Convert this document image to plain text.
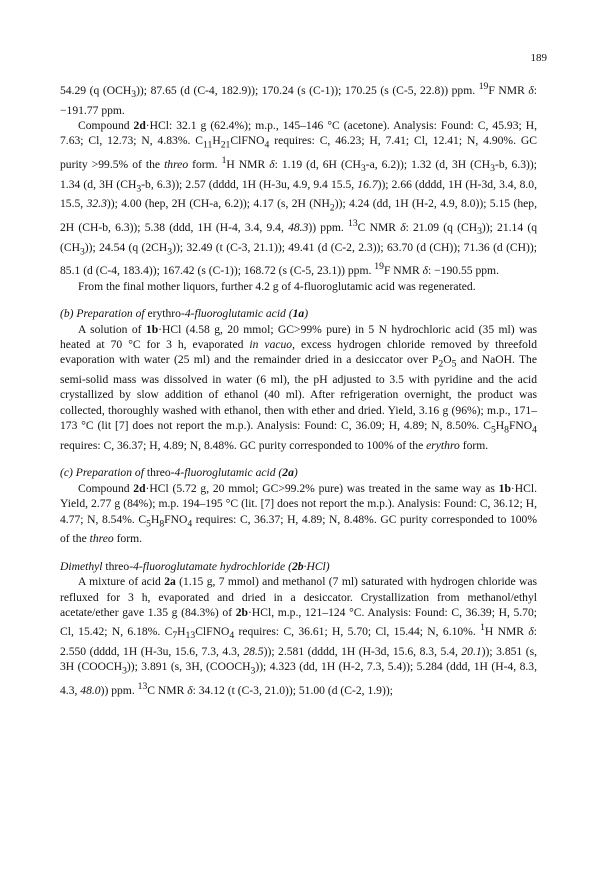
189
54.29 (q $(OCH_3)$); 87.65 (d (C-4, 182.9)); 170.24 (s (C-1)); 170.25 (s (C-5, 22.8)) ppm. $^{19}$F NMR δ: −191.77 ppm.
Compound 2d·HCl: 32.1 g (62.4%); m.p., 145–146 °C (acetone). Analysis: Found: C, 45.93; H, 7.63; Cl, 12.73; N, 4.83%. $C_{11}H_{21}ClFNO_4$ requires: C, 46.23; H, 7.41; Cl, 12.41; N, 4.90%. GC purity >99.5% of the threo form. $^1$H NMR δ: 1.19 (d, 6H ($CH_3-a$, 6.2)); 1.32 (d, 3H ($CH_3-b$, 6.3)); 1.34 (d, 3H ($CH_3-b$, 6.3)); 2.57 (dddd, 1H (H-3u, 4.9, 9.4 15.5, 16.7)); 2.66 (dddd, 1H (H-3d, 3.4, 8.0, 15.5, 32.3)); 4.00 (hep, 2H (CH-a, 6.2)); 4.17 (s, 2H $(NH_2)$); 4.24 (dd, 1H (H-2, 4.9, 8.0)); 5.15 (hep, 2H (CH-b, 6.3)); 5.38 (ddd, 1H (H-4, 3.4, 9.4, 48.3)) ppm. $^{13}$C NMR δ: 21.09 (q $(CH_3)$); 21.14 (q $(CH_3)$); 24.54 (q $(2CH_3)$); 32.49 (t (C-3, 21.1)); 49.41 (d (C-2, 2.3)); 63.70 (d (CH)); 71.36 (d (CH)); 85.1 (d (C-4, 183.4)); 167.42 (s (C-1)); 168.72 (s (C-5, 23.1)) ppm. $^{19}$F NMR δ: −190.55 ppm.
From the final mother liquors, further 4.2 g of 4-fluoroglutamic acid was regenerated.
(b) Preparation of erythro-4-fluoroglutamic acid (1a)
A solution of 1b·HCl (4.58 g, 20 mmol; GC>99% pure) in 5 N hydrochloric acid (35 ml) was heated at 70 °C for 3 h, evaporated in vacuo, excess hydrogen chloride removed by threefold evaporation with water (25 ml) and the remainder dried in a desiccator over $P_2O_5$ and NaOH. The semi-solid mass was dissolved in water (6 ml), the pH adjusted to 3.5 with pyridine and the acid crystallized by slow addition of ethanol (40 ml). After refrigeration overnight, the product was collected, thoroughly washed with ethanol, then with ether and dried. Yield, 3.16 g (96%); m.p., 171–173 °C (lit [7] does not report the m.p.). Analysis: Found: C, 36.09; H, 4.89; N, 8.50%. $C_5H_8FNO_4$ requires: C, 36.37; H, 4.89; N, 8.48%. GC purity corresponded to 100% of the erythro form.
(c) Preparation of threo-4-fluoroglutamic acid (2a)
Compound 2d·HCl (5.72 g, 20 mmol; GC>99.2% pure) was treated in the same way as 1b·HCl. Yield, 2.77 g (84%); m.p. 194–195 °C (lit. [7] does not report the m.p.). Analysis: Found: C, 36.12; H, 4.77; N, 8.54%. $C_5H_8FNO_4$ requires: C, 36.37; H, 4.89; N, 8.48%. GC purity corresponded to 100% of the threo form.
Dimethyl threo-4-fluoroglutamate hydrochloride (2b·HCl)
A mixture of acid 2a (1.15 g, 7 mmol) and methanol (7 ml) saturated with hydrogen chloride was refluxed for 3 h, evaporated and dried in a desiccator. Crystallization from methanol/ethyl acetate/ether gave 1.35 g (84.3%) of 2b·HCl, m.p., 121–124 °C. Analysis: Found: C, 36.39; H, 5.70; Cl, 15.42; N, 6.18%. $C_7H_{13}ClFNO_4$ requires: C, 36.61; H, 5.70; Cl, 15.44; N, 6.10%. $^1$H NMR δ: 2.550 (dddd, 1H (H-3u, 15.6, 7.3, 4.3, 28.5)); 2.581 (dddd, 1H (H-3d, 15.6, 8.3, 5.4, 20.1)); 3.851 (s, 3H $(COOCH_3)$); 3.891 (s, 3H, $(COOCH_3)$); 4.323 (dd, 1H (H-2, 7.3, 5.4)); 5.284 (ddd, 1H (H-4, 8.3, 4.3, 48.0)) ppm. $^{13}$C NMR δ: 34.12 (t (C-3, 21.0)); 51.00 (d (C-2, 1.9));
